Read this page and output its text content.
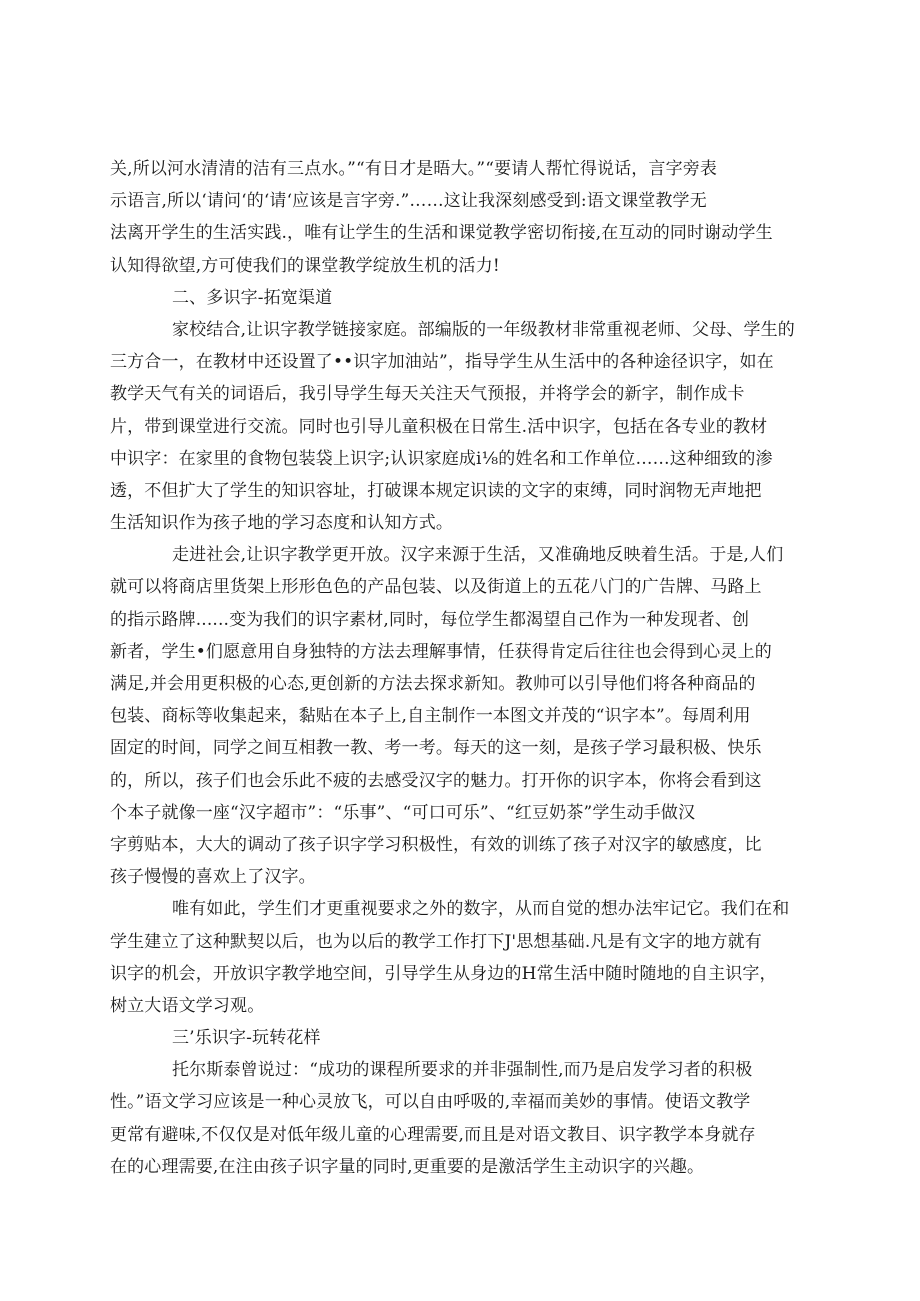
关,所以河水清清的洁有三点水。”“有日才是晤大。”“要请人帮忙得说话，言字旁表
示语言,所以‘请问‘的‘请‘应该是言字旁.”……这让我深刻感受到:语文课堂教学无
法离开学生的生活实践.，唯有让学生的生活和课觉教学密切衔接,在互动的同时谢动学生
认知得欲望,方可使我们的课堂教学绽放生机的活力!
二、多识字-拓宽渠道
家校结合,让识字教学链接家庭。部编版的一年级教材非常重视老师、父母、学生的
三方合一，在教材中还设置了••识字加油站”，指导学生从生活中的各种途径识字，如在
教学天气有关的词语后，我引导学生每天关注天气预报，并将学会的新字，制作成卡
片，带到课堂进行交流。同时也引导儿童积极在日常生.活中识字，包括在各专业的教材
中识字：在家里的食物包装袋上识字;认识家庭成i⅛的姓名和工作单位……这种细致的渗
透，不但扩大了学生的知识容址，打破课本规定识读的文字的束缚，同时润物无声地把
生活知识作为孩子地的学习态度和认知方式。
走进社会,让识字教学更开放。汉字来源于生活，又准确地反映着生活。于是,人们
就可以将商店里货架上形形色色的产品包装、以及街道上的五花八门的广告牌、马路上
的指示路牌......变为我们的识字素材,同时，每位学生都渴望自己作为一种发现者、创
新者，学生•们愿意用自身独特的方法去理解事情，任获得肯定后往往也会得到心灵上的
满足,并会用更积极的心态,更创新的方法去探求新知。教帅可以引导他们将各种商品的
包装、商标等收集起来，黏贴在本子上,自主制作一本图文并茂的“识字本”。每周利用
固定的时间，同学之间互相教一教、考一考。每天的这一刻，是孩子学习最积极、快乐
的，所以，孩子们也会乐此不疲的去感受汉字的魅力。打开你的识字本，你将会看到这
个本子就像一座“汉字超市”：“乐事”、“可口可乐”、“红豆奶茶”学生动手做汉
字剪贴本，大大的调动了孩子识字学习积极性，有效的训练了孩子对汉字的敏感度，比
孩子慢慢的喜欢上了汉字。
唯有如此，学生们才更重视要求之外的数字，从而自觉的想办法牢记它。我们在和
学生建立了这种默契以后，也为以后的教学工作打下J'思想基础.凡是有文字的地方就有
识字的机会，开放识字教学地空间，引导学生从身边的H常生活中随时随地的自主识字，
树立大语文学习观。
三’乐识字-玩转花样
托尔斯泰曾说过：“成功的课程所要求的并非强制性,而乃是启发学习者的积极
性。”语文学习应该是一种心灵放飞，可以自由呼吸的,幸福而美妙的事情。使语文教学
更常有避味,不仅仅是对低年级儿童的心理需要,而且是对语文教目、识字教学本身就存
在的心理需要,在注由孩子识字量的同时,更重要的是激活学生主动识字的兴趣。
